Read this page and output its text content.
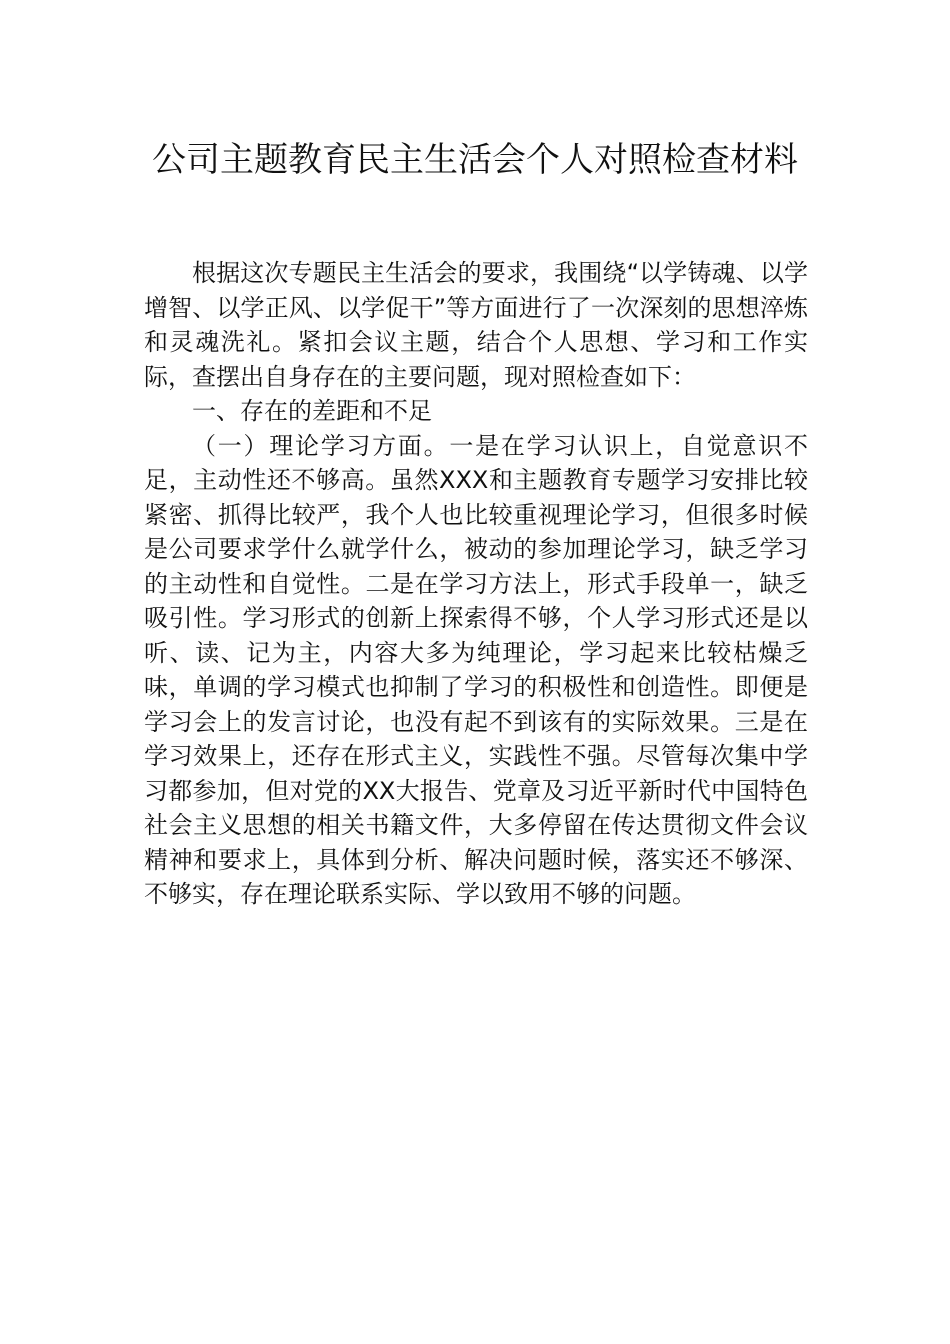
公司主题教育民主生活会个人对照检查材料

根据这次专题民主生活会的要求，我围绕“以学铸魂、以学增智、以学正风、以学促干”等方面进行了一次深刻的思想淬炼和灵魂洗礼。紧扣会议主题，结合个人思想、学习和工作实际，查摆出自身存在的主要问题，现对照检查如下：

一、存在的差距和不足

（一）理论学习方面。一是在学习认识上，自觉意识不足，主动性还不够高。虽然XXX和主题教育专题学习安排比较紧密、抓得比较严，我个人也比较重视理论学习，但很多时候是公司要求学什么就学什么，被动的参加理论学习，缺乏学习的主动性和自觉性。二是在学习方法上，形式手段单一，缺乏吸引性。学习形式的创新上探索得不够，个人学习形式还是以听、读、记为主，内容大多为纯理论，学习起来比较枯燥乏味，单调的学习模式也抑制了学习的积极性和创造性。即便是学习会上的发言讨论，也没有起不到该有的实际效果。三是在学习效果上，还存在形式主义，实践性不强。尽管每次集中学习都参加，但对党的XX大报告、党章及习近平新时代中国特色社会主义思想的相关书籍文件，大多停留在传达贯彻文件会议精神和要求上，具体到分析、解决问题时候，落实还不够深、不够实，存在理论联系实际、学以致用不够的问题。
